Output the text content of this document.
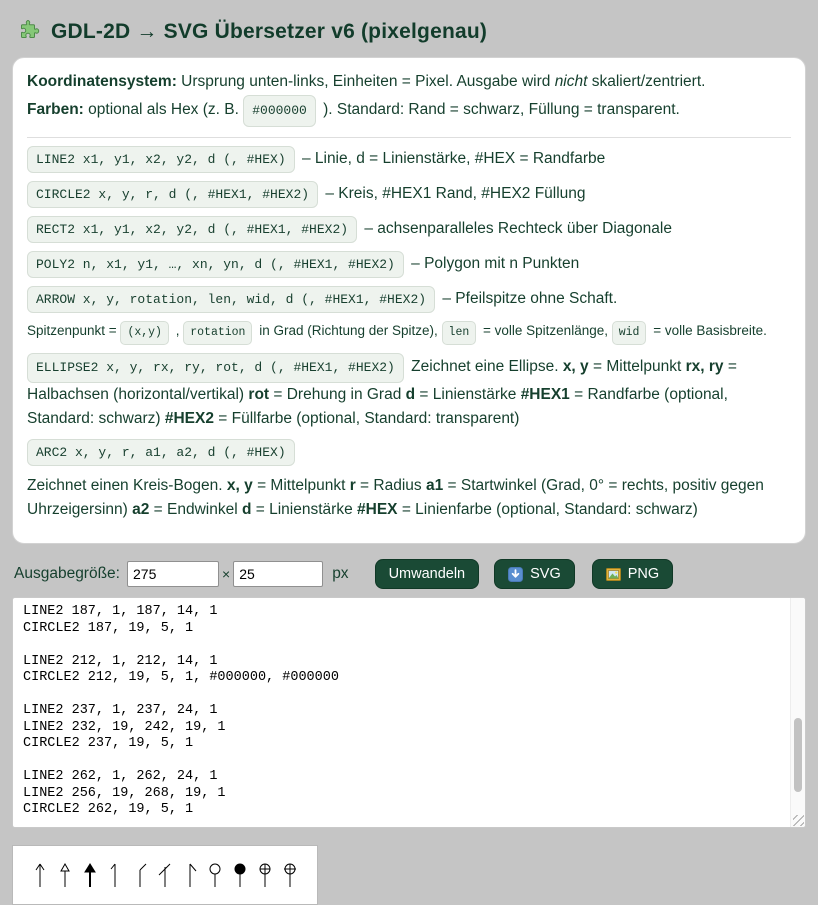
GDL-2D → SVG Übersetzer v6 (pixelgenau)
Koordinatensystem: Ursprung unten-links, Einheiten = Pixel. Ausgabe wird nicht skaliert/zentriert.
Farben: optional als Hex (z. B. #000000 ). Standard: Rand = schwarz, Füllung = transparent.
LINE2 x1, y1, x2, y2, d (, #HEX) – Linie, d = Linienstärke, #HEX = Randfarbe
CIRCLE2 x, y, r, d (, #HEX1, #HEX2) – Kreis, #HEX1 Rand, #HEX2 Füllung
RECT2 x1, y1, x2, y2, d (, #HEX1, #HEX2) – achsenparalleles Rechteck über Diagonale
POLY2 n, x1, y1, …, xn, yn, d (, #HEX1, #HEX2) – Polygon mit n Punkten
ARROW x, y, rotation, len, wid, d (, #HEX1, #HEX2) – Pfeilspitze ohne Schaft.
Spitzenpunkt = (x,y) , rotation in Grad (Richtung der Spitze), len = volle Spitzenlänge, wid = volle Basisbreite.
ELLIPSE2 x, y, rx, ry, rot, d (, #HEX1, #HEX2) Zeichnet eine Ellipse. x, y = Mittelpunkt rx, ry = Halbachsen (horizontal/vertikal) rot = Drehung in Grad d = Linienstärke #HEX1 = Randfarbe (optional, Standard: schwarz) #HEX2 = Füllfarbe (optional, Standard: transparent)
ARC2 x, y, r, a1, a2, d (, #HEX)
Zeichnet einen Kreis-Bogen. x, y = Mittelpunkt r = Radius a1 = Startwinkel (Grad, 0° = rechts, positiv gegen Uhrzeigersinn) a2 = Endwinkel d = Linienstärke #HEX = Linienfarbe (optional, Standard: schwarz)
Ausgabegröße:
275	×
25	px	Umwandeln	SVG	PNG
LINE2 187, 1, 187, 14, 1 CIRCLE2 187, 19, 5, 1 LINE2 212, 1, 212, 14, 1 CIRCLE2 212, 19, 5, 1, #000000, #000000 LINE2 237, 1, 237, 24, 1 LINE2 232, 19, 242, 19, 1 CIRCLE2 237, 19, 5, 1 LINE2 262, 1, 262, 24, 1 LINE2 256, 19, 268, 19, 1 CIRCLE2 262, 19, 5, 1
